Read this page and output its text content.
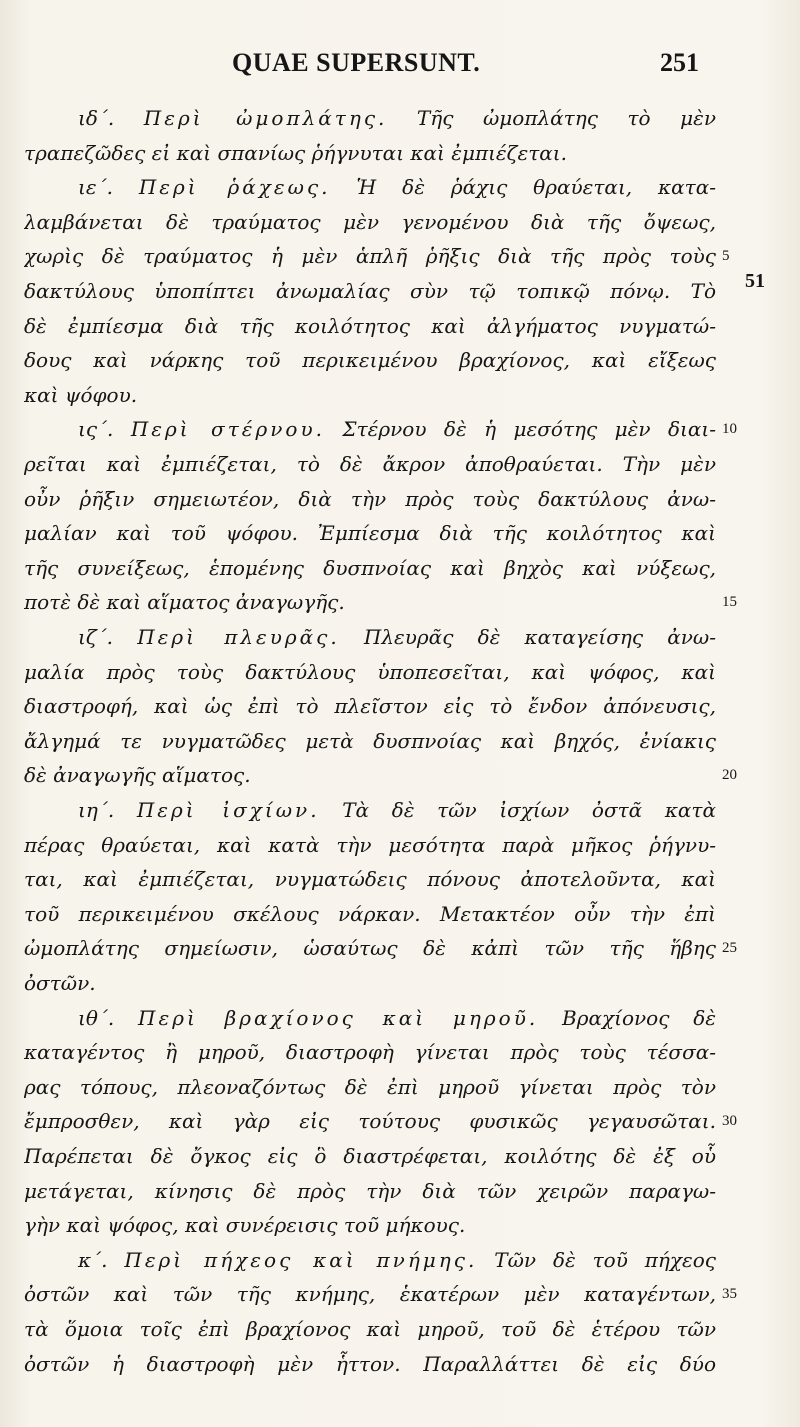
QUAE SUPERSUNT.	251
ιδ΄. Περὶ ὠμοπλάτης. Τῆς ὠμοπλάτης τὸ μὲν
τραπεζῶδες εἰ καὶ σπανίως ῥήγνυται καὶ ἐμπιέζεται.
ιε΄. Περὶ ῥάχεως. Ἡ δὲ ῥάχις θραύεται, κατα-
λαμβάνεται δὲ τραύματος μὲν γενομένου διὰ τῆς ὄψεως,
χωρὶς δὲ τραύματος ἡ μὲν ἁπλῆ ῥῆξις διὰ τῆς πρὸς τοὺς
δακτύλους ὑποπίπτει ἀνωμαλίας σὺν τῷ τοπικῷ πόνῳ. Τὸ
δὲ ἐμπίεσμα διὰ τῆς κοιλότητος καὶ ἀλγήματος νυγματώ-
δους καὶ νάρκης τοῦ περικειμένου βραχίονος, καὶ εἴξεως
καὶ ψόφου.
ις΄. Περὶ στέρνου. Στέρνου δὲ ἡ μεσότης μὲν διαι-
ρεῖται καὶ ἐμπιέζεται, τὸ δὲ ἄκρον ἀποθραύεται. Τὴν μὲν
οὖν ῥῆξιν σημειωτέον, διὰ τὴν πρὸς τοὺς δακτύλους ἀνω-
μαλίαν καὶ τοῦ ψόφου. Ἐμπίεσμα διὰ τῆς κοιλότητος καὶ
τῆς συνείξεως, ἑπομένης δυσπνοίας καὶ βηχὸς καὶ νύξεως,
ποτὲ δὲ καὶ αἵματος ἀναγωγῆς.
ιζ΄. Περὶ πλευρᾶς. Πλευρᾶς δὲ καταγείσης ἀνω-
μαλία πρὸς τοὺς δακτύλους ὑποπεσεῖται, καὶ ψόφος, καὶ
διαστροφή, καὶ ὡς ἐπὶ τὸ πλεῖστον εἰς τὸ ἔνδον ἀπόνευσις,
ἄλγημά τε νυγματῶδες μετὰ δυσπνοίας καὶ βηχός, ἐνίακις
δὲ ἀναγωγῆς αἵματος.
ιη΄. Περὶ ἰσχίων. Τὰ δὲ τῶν ἰσχίων ὀστᾶ κατὰ
πέρας θραύεται, καὶ κατὰ τὴν μεσότητα παρὰ μῆκος ῥήγνυ-
ται, καὶ ἐμπιέζεται, νυγματώδεις πόνους ἀποτελοῦντα, καὶ
τοῦ περικειμένου σκέλους νάρκαν. Μετακτέον οὖν τὴν ἐπὶ
ὠμοπλάτης σημείωσιν, ὡσαύτως δὲ κἀπὶ τῶν τῆς ἥβης
ὀστῶν.
ιθ΄. Περὶ βραχίονος καὶ μηροῦ. Βραχίονος δὲ
καταγέντος ἢ μηροῦ, διαστροφὴ γίνεται πρὸς τοὺς τέσσα-
ρας τόπους, πλεοναζόντως δὲ ἐπὶ μηροῦ γίνεται πρὸς τὸν
ἔμπροσθεν, καὶ γὰρ εἰς τούτους φυσικῶς γεγαυσῶται.
Παρέπεται δὲ ὄγκος εἰς ὃ διαστρέφεται, κοιλότης δὲ ἐξ οὗ
μετάγεται, κίνησις δὲ πρὸς τὴν διὰ τῶν χειρῶν παραγω-
γὴν καὶ ψόφος, καὶ συνέρεισις τοῦ μήκους.
κ΄. Περὶ πήχεος καὶ πνήμης. Τῶν δὲ τοῦ πήχεος
ὀστῶν καὶ τῶν τῆς κνήμης, ἑκατέρων μὲν καταγέντων,
τὰ ὅμοια τοῖς ἐπὶ βραχίονος καὶ μηροῦ, τοῦ δὲ ἑτέρου τῶν
ὀστῶν ἡ διαστροφὴ μὲν ἧττον. Παραλλάττει δὲ εἰς δύο
51
5
10
15
20
25
30
35
